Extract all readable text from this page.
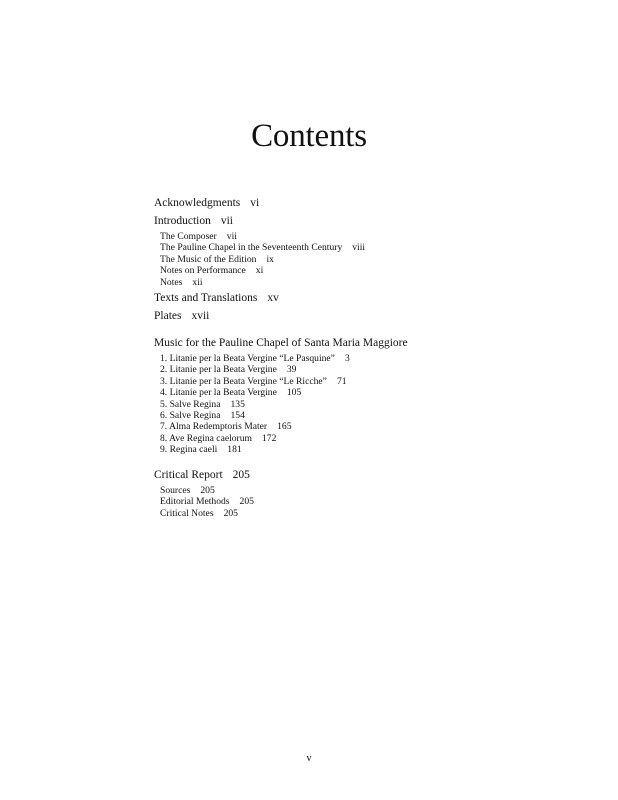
Contents
Acknowledgments vi
Introduction vii
The Composer vii
The Pauline Chapel in the Seventeenth Century viii
The Music of the Edition ix
Notes on Performance xi
Notes xii
Texts and Translations xv
Plates xvii
Music for the Pauline Chapel of Santa Maria Maggiore
1. Litanie per la Beata Vergine “Le Pasquine” 3
2. Litanie per la Beata Vergine 39
3. Litanie per la Beata Vergine “Le Ricche” 71
4. Litanie per la Beata Vergine 105
5. Salve Regina 135
6. Salve Regina 154
7. Alma Redemptoris Mater 165
8. Ave Regina caelorum 172
9. Regina caeli 181
Critical Report 205
Sources 205
Editorial Methods 205
Critical Notes 205
v
